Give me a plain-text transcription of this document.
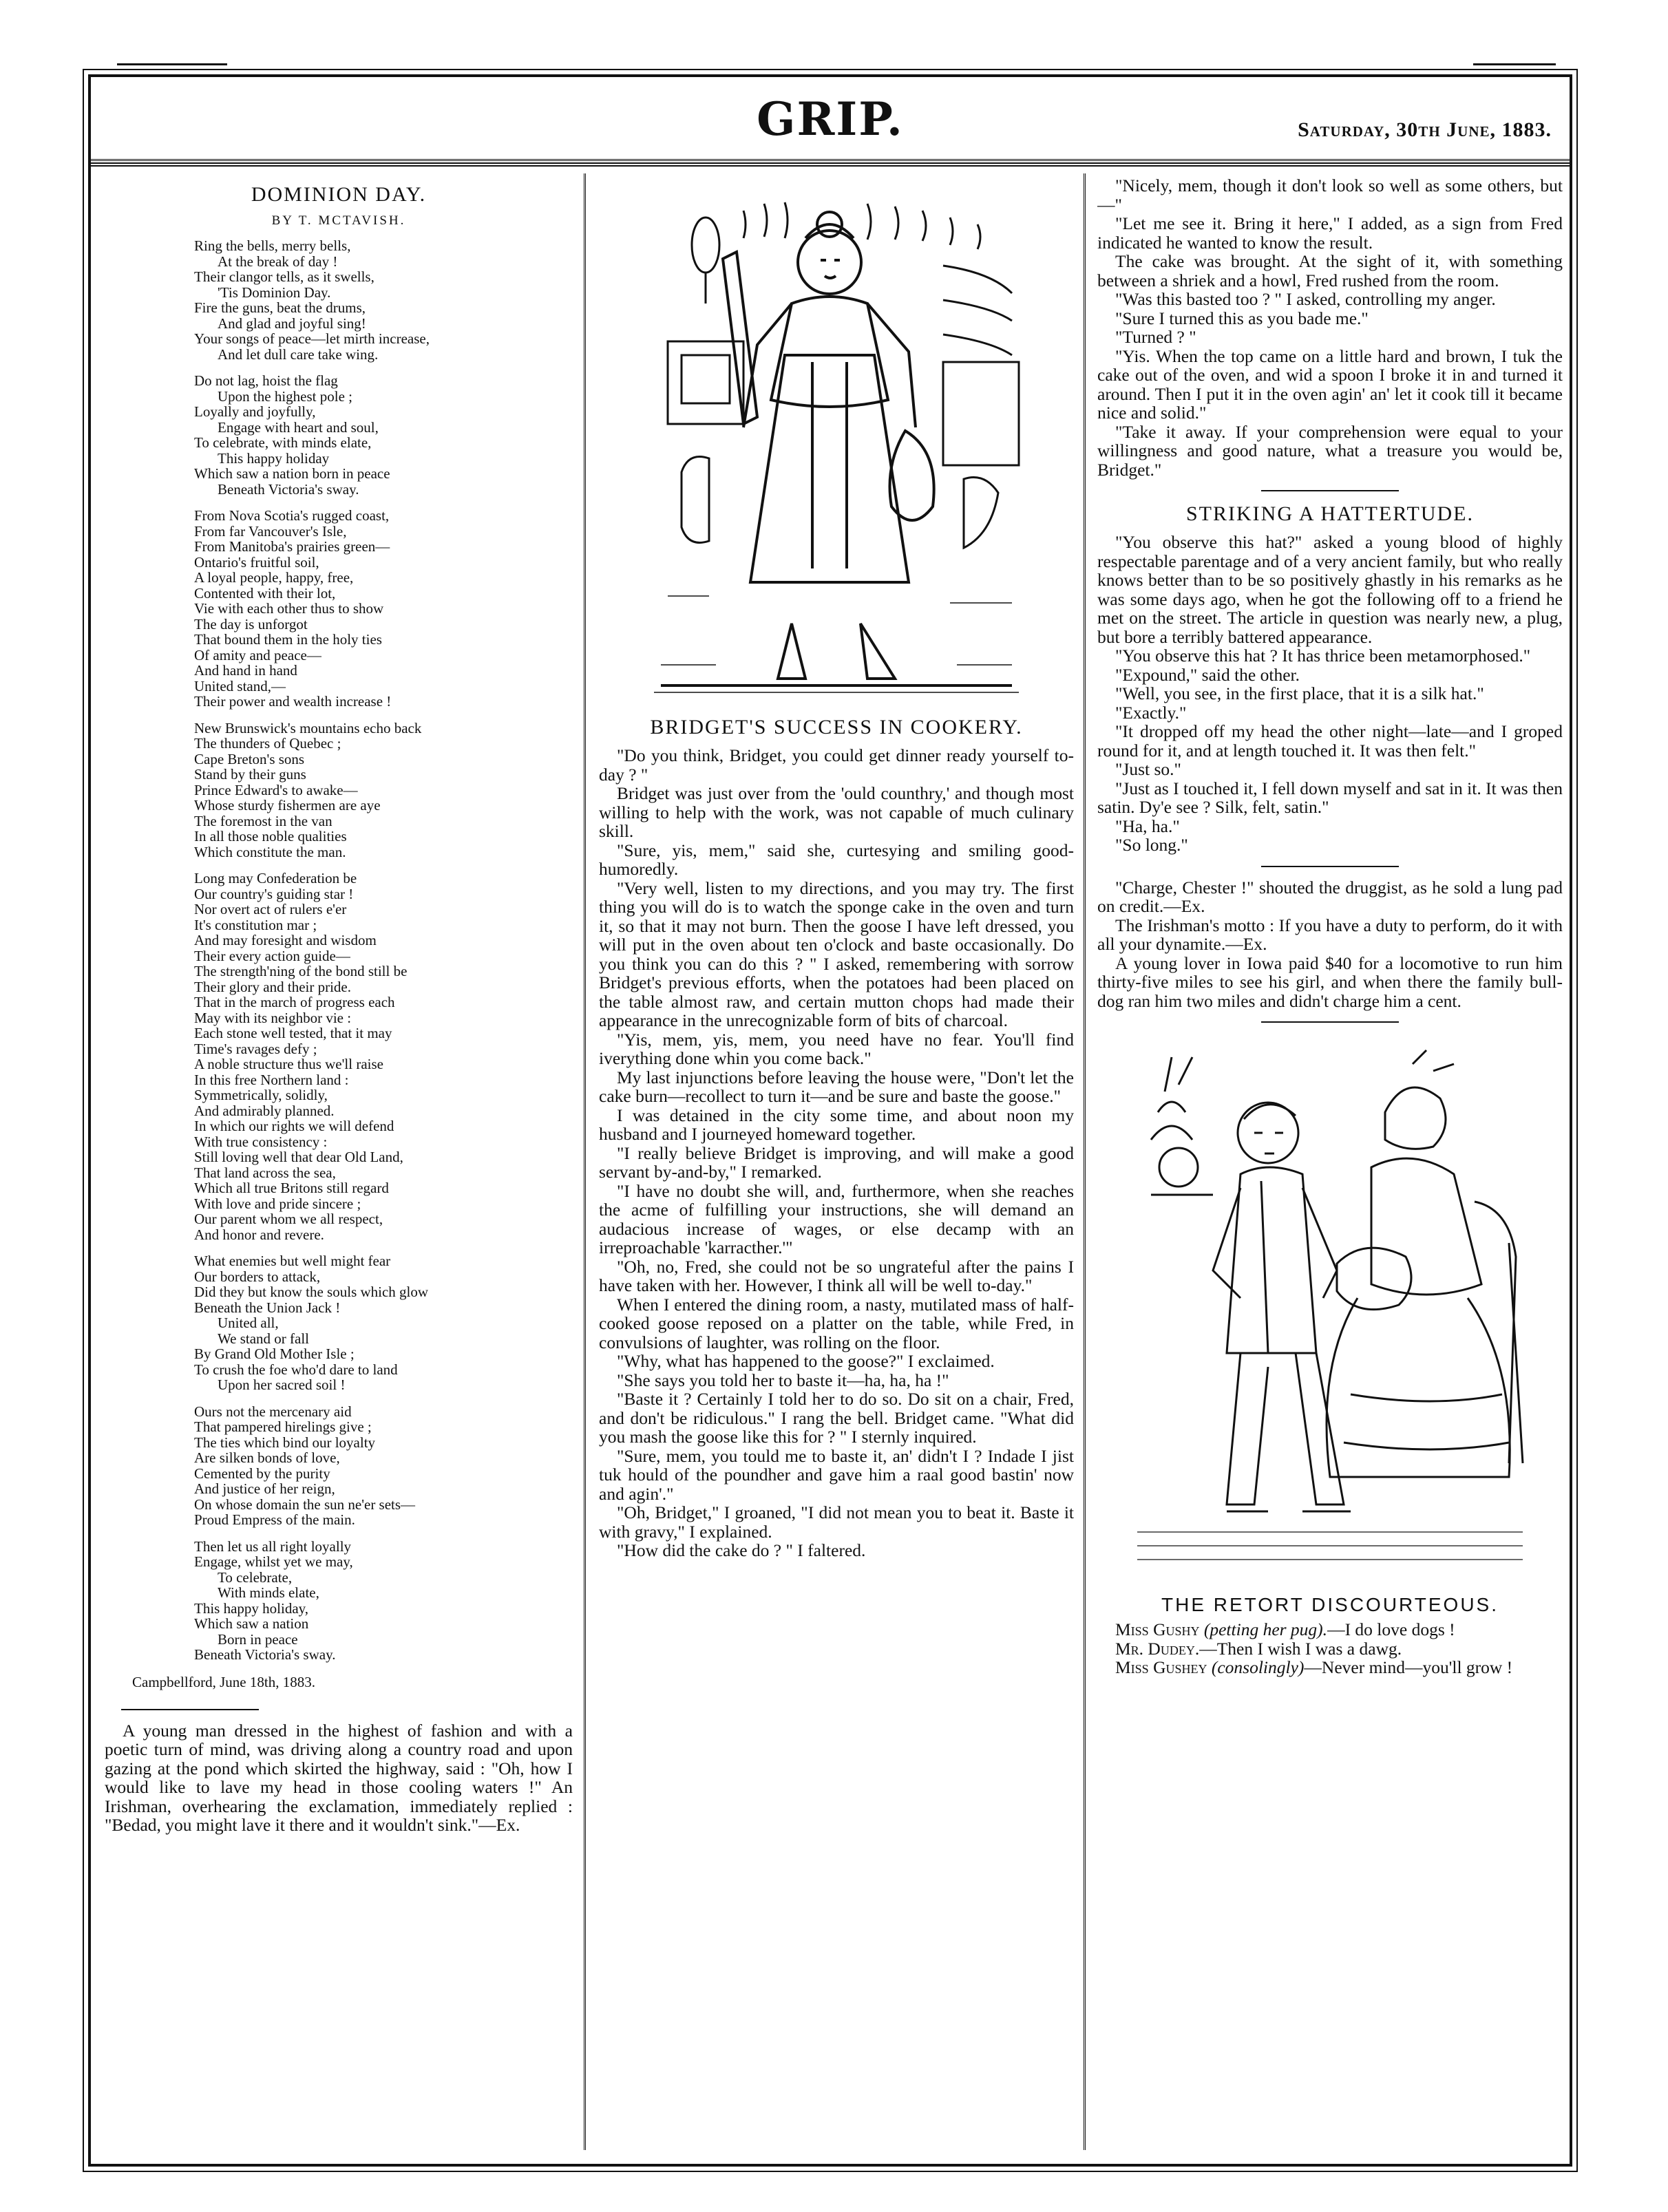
GRIP.	Saturday, 30th June, 1883.
DOMINION DAY.
BY T. MCTAVISH.
Ring the bells, merry bells,
At the break of day !
Their clangor tells, as it swells,
'Tis Dominion Day.
Fire the guns, beat the drums,
And glad and joyful sing!
Your songs of peace—let mirth increase,
And let dull care take wing.
Do not lag, hoist the flag
Upon the highest pole ;
Loyally and joyfully,
Engage with heart and soul,
To celebrate, with minds elate,
This happy holiday
Which saw a nation born in peace
Beneath Victoria's sway.
From Nova Scotia's rugged coast,
From far Vancouver's Isle,
From Manitoba's prairies green—
Ontario's fruitful soil,
A loyal people, happy, free,
Contented with their lot,
Vie with each other thus to show
The day is unforgot
That bound them in the holy ties
Of amity and peace—
And hand in hand
United stand,—
Their power and wealth increase !
New Brunswick's mountains echo back
The thunders of Quebec ;
Cape Breton's sons
Stand by their guns
Prince Edward's to awake—
Whose sturdy fishermen are aye
The foremost in the van
In all those noble qualities
Which constitute the man.
Long may Confederation be
Our country's guiding star !
Nor overt act of rulers e'er
It's constitution mar ;
And may foresight and wisdom
Their every action guide—
The strength'ning of the bond still be
Their glory and their pride.
That in the march of progress each
May with its neighbor vie :
Each stone well tested, that it may
Time's ravages defy ;
A noble structure thus we'll raise
In this free Northern land :
Symmetrically, solidly,
And admirably planned.
In which our rights we will defend
With true consistency :
Still loving well that dear Old Land,
That land across the sea,
Which all true Britons still regard
With love and pride sincere ;
Our parent whom we all respect,
And honor and revere.
What enemies but well might fear
Our borders to attack,
Did they but know the souls which glow
Beneath the Union Jack !
United all,
We stand or fall
By Grand Old Mother Isle ;
To crush the foe who'd dare to land
Upon her sacred soil !
Ours not the mercenary aid
That pampered hirelings give ;
The ties which bind our loyalty
Are silken bonds of love,
Cemented by the purity
And justice of her reign,
On whose domain the sun ne'er sets—
Proud Empress of the main.
Then let us all right loyally
Engage, whilst yet we may,
To celebrate,
With minds elate,
This happy holiday,
Which saw a nation
Born in peace
Beneath Victoria's sway.
Campbellford, June 18th, 1883.

A young man dressed in the highest of fashion and with a poetic turn of mind, was driving along a country road and upon gazing at the pond which skirted the highway, said : "Oh, how I would like to lave my head in those cooling waters !" An Irishman, overhearing the exclamation, immediately replied : "Bedad, you might lave it there and it wouldn't sink."—Ex.

BRIDGET'S SUCCESS IN COOKERY.

"Do you think, Bridget, you could get dinner ready yourself to-day ? "

Bridget was just over from the 'ould counthry,' and though most willing to help with the work, was not capable of much culinary skill.

"Sure, yis, mem," said she, curtesying and smiling good-humoredly.

"Very well, listen to my directions, and you may try. The first thing you will do is to watch the sponge cake in the oven and turn it, so that it may not burn. Then the goose I have left dressed, you will put in the oven about ten o'clock and baste occasionally. Do you think you can do this ? " I asked, remembering with sorrow Bridget's previous efforts, when the potatoes had been placed on the table almost raw, and certain mutton chops had made their appearance in the unrecognizable form of bits of charcoal.

"Yis, mem, yis, mem, you need have no fear. You'll find iverything done whin you come back."

My last injunctions before leaving the house were, "Don't let the cake burn—recollect to turn it—and be sure and baste the goose."

I was detained in the city some time, and about noon my husband and I journeyed homeward together.

"I really believe Bridget is improving, and will make a good servant by-and-by," I remarked.

"I have no doubt she will, and, furthermore, when she reaches the acme of fulfilling your instructions, she will demand an audacious increase of wages, or else decamp with an irreproachable 'karracther.'"

"Oh, no, Fred, she could not be so ungrateful after the pains I have taken with her. However, I think all will be well to-day."

When I entered the dining room, a nasty, mutilated mass of half-cooked goose reposed on a platter on the table, while Fred, in convulsions of laughter, was rolling on the floor.

"Why, what has happened to the goose?" I exclaimed.

"She says you told her to baste it—ha, ha, ha !"

"Baste it ? Certainly I told her to do so. Do sit on a chair, Fred, and don't be ridiculous." I rang the bell. Bridget came. "What did you mash the goose like this for ? " I sternly inquired.

"Sure, mem, you tould me to baste it, an' didn't I ? Indade I jist tuk hould of the poundher and gave him a raal good bastin' now and agin'."

"Oh, Bridget," I groaned, "I did not mean you to beat it. Baste it with gravy," I explained.

"How did the cake do ? " I faltered.

"Nicely, mem, though it don't look so well as some others, but—"

"Let me see it. Bring it here," I added, as a sign from Fred indicated he wanted to know the result.

The cake was brought. At the sight of it, with something between a shriek and a howl, Fred rushed from the room.

"Was this basted too ? " I asked, controlling my anger.

"Sure I turned this as you bade me."

"Turned ? "

"Yis. When the top came on a little hard and brown, I tuk the cake out of the oven, and wid a spoon I broke it in and turned it around. Then I put it in the oven agin' an' let it cook till it became nice and solid."

"Take it away. If your comprehension were equal to your willingness and good nature, what a treasure you would be, Bridget."

STRIKING A HATTERTUDE.

"You observe this hat?" asked a young blood of highly respectable parentage and of a very ancient family, but who really knows better than to be so positively ghastly in his remarks as he was some days ago, when he got the following off to a friend he met on the street. The article in question was nearly new, a plug, but bore a terribly battered appearance.

"You observe this hat ? It has thrice been metamorphosed."

"Expound," said the other.

"Well, you see, in the first place, that it is a silk hat."

"Exactly."

"It dropped off my head the other night—late—and I groped round for it, and at length touched it. It was then felt."

"Just so."

"Just as I touched it, I fell down myself and sat in it. It was then satin. Dy'e see ? Silk, felt, satin."

"Ha, ha."

"So long."

"Charge, Chester !" shouted the druggist, as he sold a lung pad on credit.—Ex.

The Irishman's motto : If you have a duty to perform, do it with all your dynamite.—Ex.

A young lover in Iowa paid $40 for a locomotive to run him thirty-five miles to see his girl, and when there the family bull-dog ran him two miles and didn't charge him a cent.

THE RETORT DISCOURTEOUS.

Miss Gushy (petting her pug).—I do love dogs !

Mr. Dudey.—Then I wish I was a dawg.

Miss Gushey (consolingly)—Never mind—you'll grow !
